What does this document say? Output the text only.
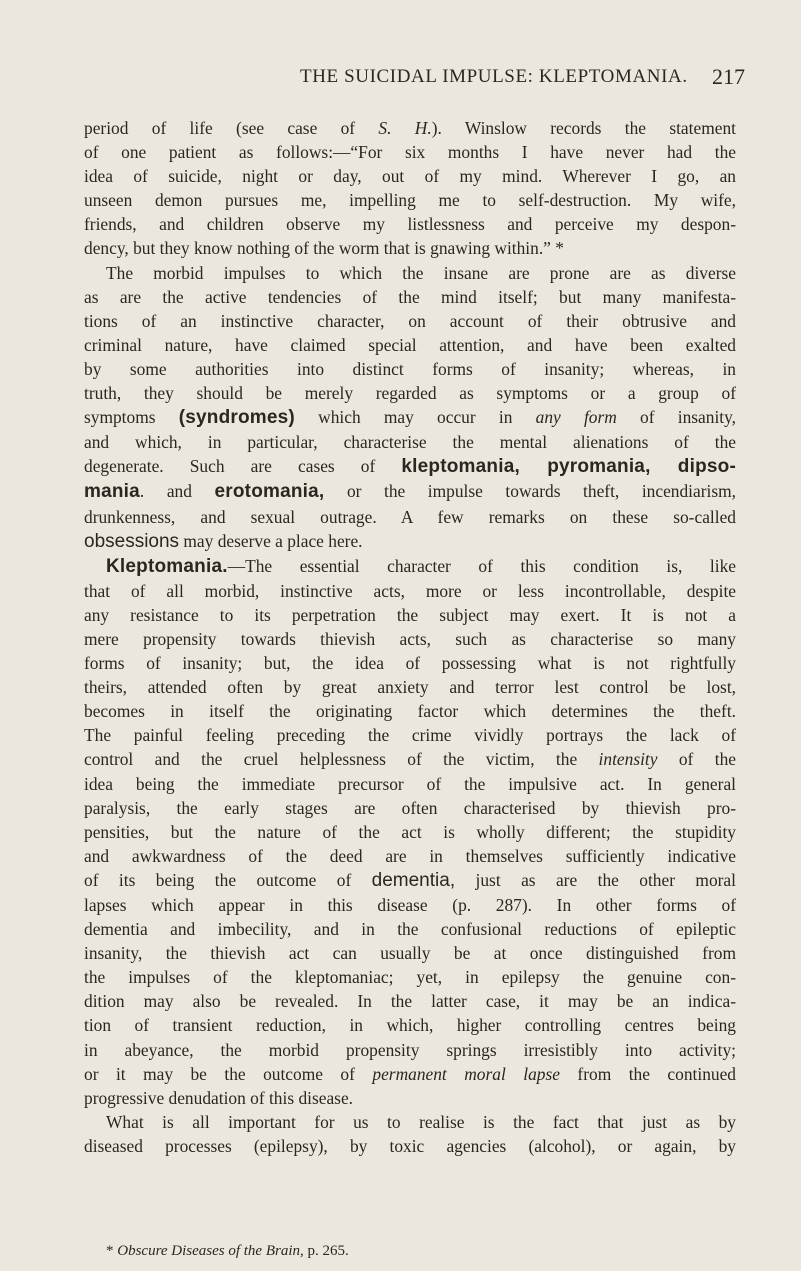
THE SUICIDAL IMPULSE: KLEPTOMANIA. 217

period of life (see case of S. H.). Winslow records the statement

of one patient as follows:—“For six months I have never had the

idea of suicide, night or day, out of my mind. Wherever I go, an

unseen demon pursues me, impelling me to self-destruction. My wife,

friends, and children observe my listlessness and perceive my despon-

dency, but they know nothing of the worm that is gnawing within.” *

The morbid impulses to which the insane are prone are as diverse

as are the active tendencies of the mind itself; but many manifesta-

tions of an instinctive character, on account of their obtrusive and

criminal nature, have claimed special attention, and have been exalted

by some authorities into distinct forms of insanity; whereas, in

truth, they should be merely regarded as symptoms or a group of

symptoms (syndromes) which may occur in any form of insanity,

and which, in particular, characterise the mental alienations of the

degenerate. Such are cases of kleptomania, pyromania, dipso-

mania. and erotomania, or the impulse towards theft, incendiarism,

drunkenness, and sexual outrage. A few remarks on these so-called

obsessions may deserve a place here.

Kleptomania.—The essential character of this condition is, like

that of all morbid, instinctive acts, more or less incontrollable, despite

any resistance to its perpetration the subject may exert. It is not a

mere propensity towards thievish acts, such as characterise so many

forms of insanity; but, the idea of possessing what is not rightfully

theirs, attended often by great anxiety and terror lest control be lost,

becomes in itself the originating factor which determines the theft.

The painful feeling preceding the crime vividly portrays the lack of

control and the cruel helplessness of the victim, the intensity of the

idea being the immediate precursor of the impulsive act. In general

paralysis, the early stages are often characterised by thievish pro-

pensities, but the nature of the act is wholly different; the stupidity

and awkwardness of the deed are in themselves sufficiently indicative

of its being the outcome of dementia, just as are the other moral

lapses which appear in this disease (p. 287). In other forms of

dementia and imbecility, and in the confusional reductions of epileptic

insanity, the thievish act can usually be at once distinguished from

the impulses of the kleptomaniac; yet, in epilepsy the genuine con-

dition may also be revealed. In the latter case, it may be an indica-

tion of transient reduction, in which, higher controlling centres being

in abeyance, the morbid propensity springs irresistibly into activity;

or it may be the outcome of permanent moral lapse from the continued

progressive denudation of this disease.

What is all important for us to realise is the fact that just as by

diseased processes (epilepsy), by toxic agencies (alcohol), or again, by

* Obscure Diseases of the Brain, p. 265.
